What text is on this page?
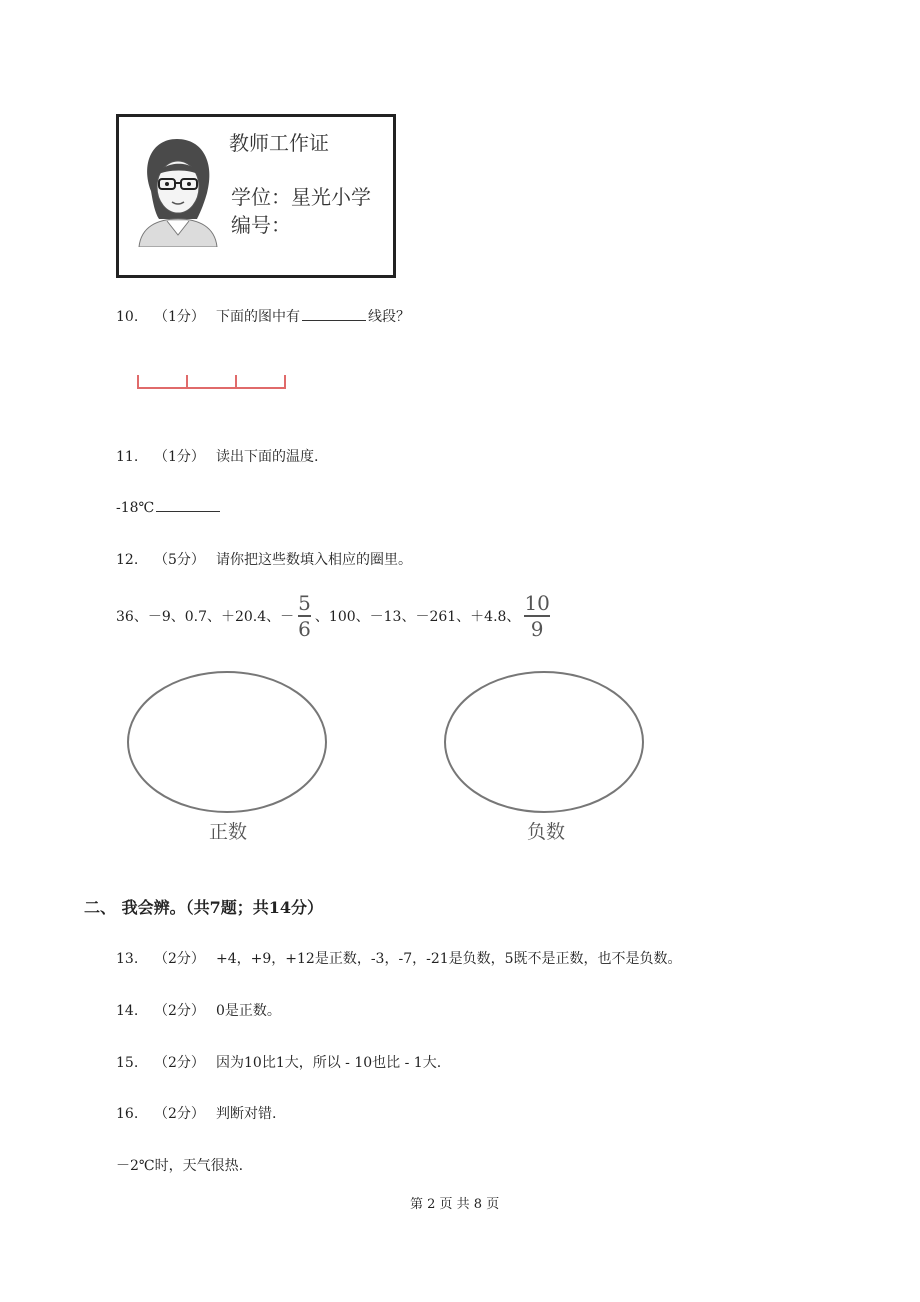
教师工作证
学位：星光小学
编号：
10. （1分） 下面的图中有	线段？
11. （1分） 读出下面的温度.
-18℃
12. （5分） 请你把这些数填入相应的圈里。
36、－9、0.7、＋20.4、－ $\frac{5}{6}$ 、100、－13、－261、＋4.8、 $\frac{10}{9}$
正数	负数
二、 我会辨。（共7题；共14分）
13. （2分） +4，+9，+12是正数，-3，-7，-21是负数，5既不是正数，也不是负数。
14. （2分） 0是正数。
15. （2分） 因为10比1大，所以 - 10也比 - 1大.
16. （2分） 判断对错.
－2℃时，天气很热.
第 2 页 共 8 页
